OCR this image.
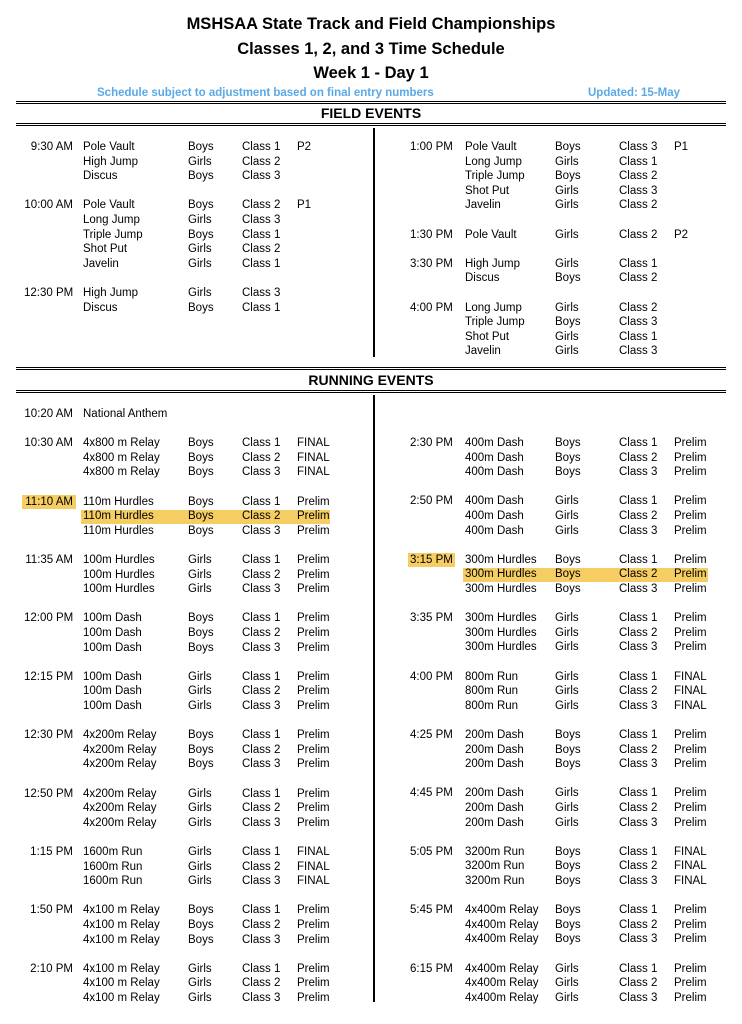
MSHSAA State Track and Field Championships
Classes 1, 2, and 3 Time Schedule
Week 1 - Day 1
Schedule subject to adjustment based on final entry numbers	Updated: 15-May
FIELD EVENTS
RUNNING EVENTS
9:30 AM Pole Vault	Boys Class 1 P2
High Jump	Girls	Class 2
Discus	Boys Class 3
10:00 AM Pole Vault	Boys Class 2 P1
Long Jump	Girls	Class 3
Triple Jump	Boys Class 1
Shot Put	Girls	Class 2
Javelin	Girls	Class 1
12:30 PM High Jump	Girls	Class 3
Discus	Boys Class 1
1:00 PM Pole Vault	Boys	Class 3 P1
Long Jump	Girls	Class 1
Triple Jump	Boys	Class 2
Shot Put	Girls	Class 3
Javelin	Girls	Class 2
1:30 PM Pole Vault	Girls	Class 2 P2
3:30 PM High Jump	Girls	Class 1
Discus	Boys	Class 2
4:00 PM Long Jump	Girls	Class 2
Triple Jump	Boys	Class 3
Shot Put	Girls	Class 1
Javelin	Girls	Class 3
10:20 AM National Anthem
10:30 AM 4x800 m Relay Boys Class 1 FINAL
4x800 m Relay Boys Class 2 FINAL
4x800 m Relay Boys Class 3 FINAL
11:10 AM 110m Hurdles	Boys Class 1 Prelim
110m Hurdles	Boys Class 2 Prelim
110m Hurdles	Boys Class 3 Prelim
11:35 AM 100m Hurdles	Girls	Class 1 Prelim
100m Hurdles	Girls	Class 2 Prelim
100m Hurdles	Girls	Class 3 Prelim
12:00 PM 100m Dash	Boys Class 1 Prelim
100m Dash	Boys Class 2 Prelim
100m Dash	Boys Class 3 Prelim
12:15 PM 100m Dash	Girls	Class 1 Prelim
100m Dash	Girls	Class 2 Prelim
100m Dash	Girls	Class 3 Prelim
12:30 PM 4x200m Relay	Boys Class 1 Prelim
4x200m Relay	Boys Class 2 Prelim
4x200m Relay	Boys Class 3 Prelim
12:50 PM 4x200m Relay	Girls	Class 1 Prelim
4x200m Relay	Girls	Class 2 Prelim
4x200m Relay	Girls	Class 3 Prelim
1:15 PM 1600m Run	Girls	Class 1 FINAL
1600m Run	Girls	Class 2 FINAL
1600m Run	Girls	Class 3 FINAL
1:50 PM 4x100 m Relay Boys Class 1 Prelim
4x100 m Relay Boys Class 2 Prelim
4x100 m Relay Boys Class 3 Prelim
2:10 PM 4x100 m Relay Girls	Class 1 Prelim
4x100 m Relay Girls	Class 2 Prelim
4x100 m Relay Girls	Class 3 Prelim
2:30 PM 400m Dash	Boys	Class 1 Prelim
400m Dash	Boys	Class 2 Prelim
400m Dash	Boys	Class 3 Prelim
2:50 PM 400m Dash	Girls	Class 1 Prelim
400m Dash	Girls	Class 2 Prelim
400m Dash	Girls	Class 3 Prelim
3:15 PM 300m Hurdles Boys	Class 1 Prelim
300m Hurdles Boys	Class 2 Prelim
300m Hurdles Boys	Class 3 Prelim
3:35 PM 300m Hurdles Girls	Class 1 Prelim
300m Hurdles Girls	Class 2 Prelim
300m Hurdles Girls	Class 3 Prelim
4:00 PM 800m Run	Girls	Class 1 FINAL
800m Run	Girls	Class 2 FINAL
800m Run	Girls	Class 3 FINAL
4:25 PM 200m Dash	Boys	Class 1 Prelim
200m Dash	Boys	Class 2 Prelim
200m Dash	Boys	Class 3 Prelim
4:45 PM 200m Dash	Girls	Class 1 Prelim
200m Dash	Girls	Class 2 Prelim
200m Dash	Girls	Class 3 Prelim
5:05 PM 3200m Run	Boys	Class 1 FINAL
3200m Run	Boys	Class 2 FINAL
3200m Run	Boys	Class 3 FINAL
5:45 PM 4x400m Relay Boys	Class 1 Prelim
4x400m Relay Boys	Class 2 Prelim
4x400m Relay Boys	Class 3 Prelim
6:15 PM 4x400m Relay Girls	Class 1 Prelim
4x400m Relay Girls	Class 2 Prelim
4x400m Relay Girls	Class 3 Prelim
